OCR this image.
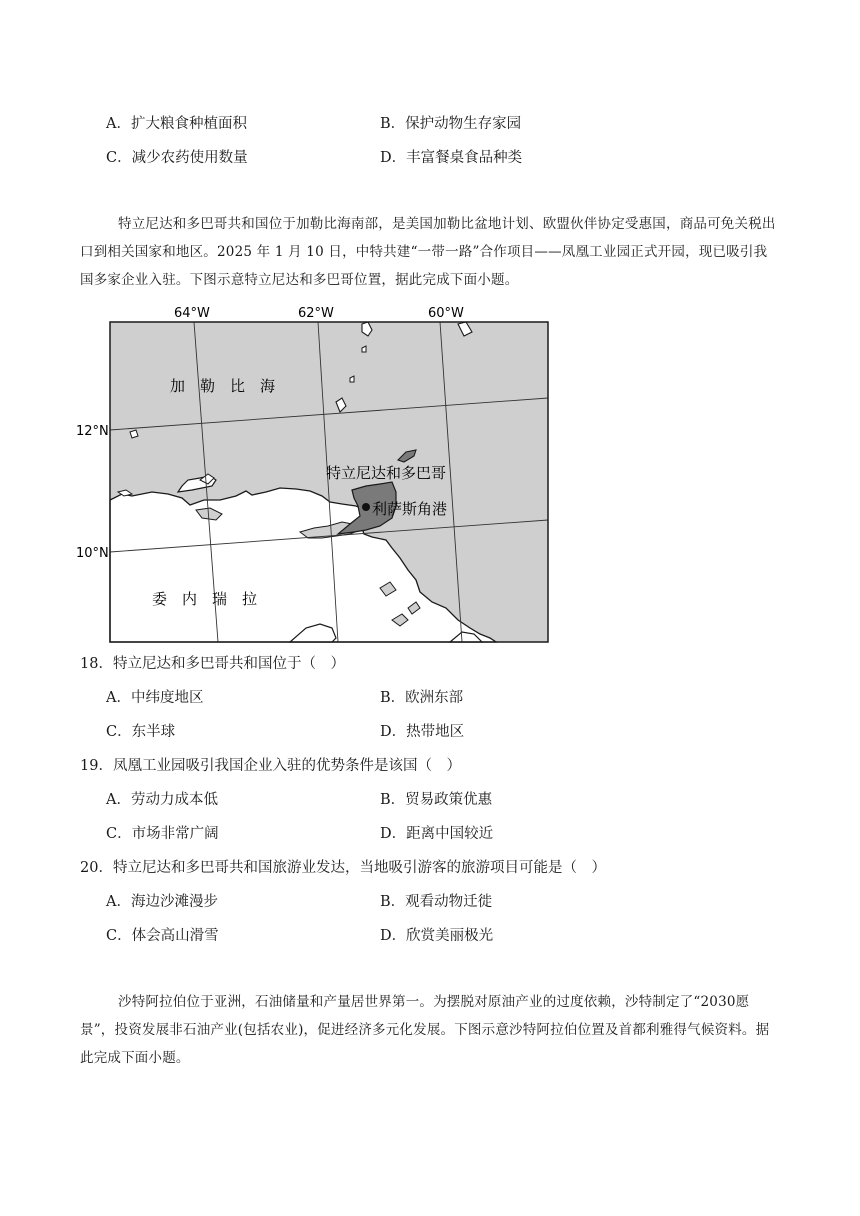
A．扩大粮食种植面积	B．保护动物生存家园
C．减少农药使用数量	D．丰富餐桌食品种类
特立尼达和多巴哥共和国位于加勒比海南部，是美国加勒比盆地计划、欧盟伙伴协定受惠国，商品可免关税出口到相关国家和地区。2025 年 1 月 10 日，中特共建“一带一路”合作项目——凤凰工业园正式开园，现已吸引我国多家企业入驻。下图示意特立尼达和多巴哥位置，据此完成下面小题。
64°W	62°W	60°W
12°N
10°N
加　勒　比　海
特立尼达和多巴哥
利萨斯角港
委　内　瑞　拉
18．特立尼达和多巴哥共和国位于（　）
A．中纬度地区	B．欧洲东部
C．东半球	D．热带地区
19．凤凰工业园吸引我国企业入驻的优势条件是该国（　）
A．劳动力成本低	B．贸易政策优惠
C．市场非常广阔	D．距离中国较近
20．特立尼达和多巴哥共和国旅游业发达，当地吸引游客的旅游项目可能是（　）
A．海边沙滩漫步	B．观看动物迁徙
C．体会高山滑雪	D．欣赏美丽极光
沙特阿拉伯位于亚洲，石油储量和产量居世界第一。为摆脱对原油产业的过度依赖，沙特制定了“2030愿景”，投资发展非石油产业(包括农业)，促进经济多元化发展。下图示意沙特阿拉伯位置及首都利雅得气候资料。据此完成下面小题。
